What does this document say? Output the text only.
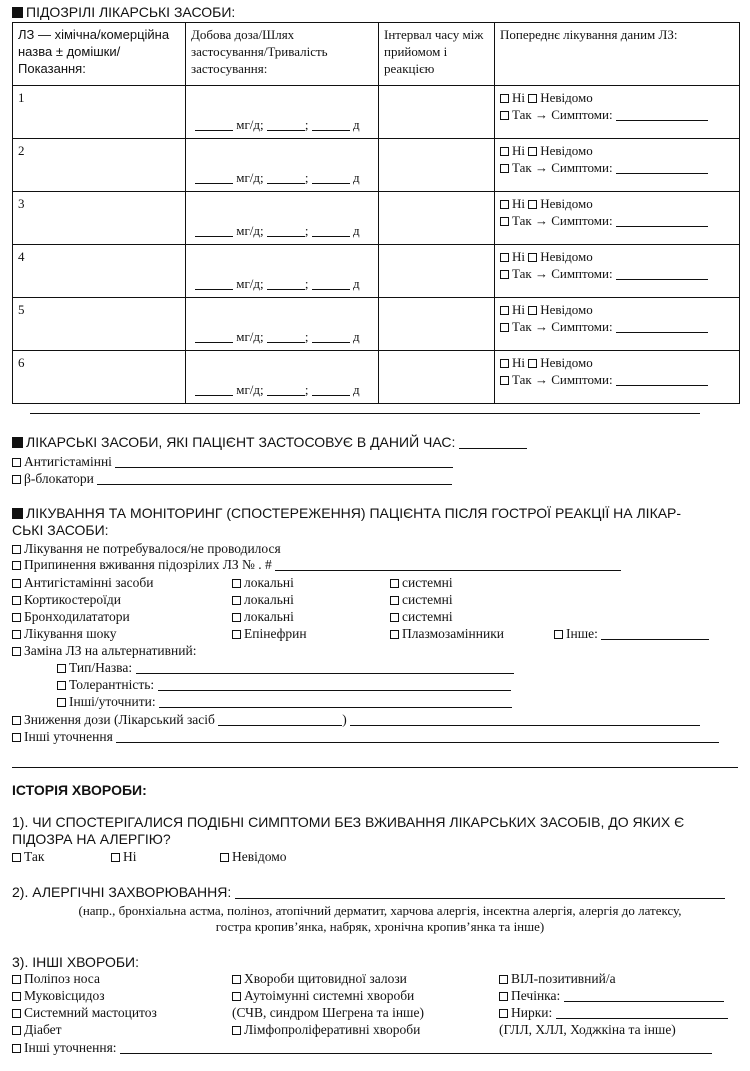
ПІДОЗРІЛІ ЛІКАРСЬКІ ЗАСОБИ:
ЛЗ — хімічна/комерційна назва ± домішки/Показання:	Добова доза/Шлях застосування/Тривалість застосування:	Інтервал часу між прийомом і реакцією	Попереднє лікування даним ЛЗ:
1	мг/д; ; д		Ні Невідомо
Так → Симптоми:

2	мг/д; ; д		Ні Невідомо
Так → Симптоми:

3	мг/д; ; д		Ні Невідомо
Так → Симптоми:

4	мг/д; ; д		Ні Невідомо
Так → Симптоми:

5	мг/д; ; д		Ні Невідомо
Так → Симптоми:

6	мг/д; ; д		Ні Невідомо
Так → Симптоми:
ЛІКАРСЬКІ ЗАСОБИ, ЯКІ ПАЦІЄНТ ЗАСТОСОВУЄ В ДАНИЙ ЧАС:
Антигістамінні
β-блокатори
ЛІКУВАННЯ ТА МОНІТОРИНГ (СПОСТЕРЕЖЕННЯ) ПАЦІЄНТА ПІСЛЯ ГОСТРОЇ РЕАКЦІЇ НА ЛІКАР-
СЬКІ ЗАСОБИ:
Лікування не потребувалося/не проводилося
Припинення вживання підозрілих ЛЗ № . #
Антигістамінні засоби	локальні	системні
Кортикостероїди	локальні	системні
Бронходилататори	локальні	системні
Лікування шоку	Епінефрин	Плазмозамінники	Інше:
Заміна ЛЗ на альтернативний:
Тип/Назва:
Толерантність:
Інші/уточнити:
Зниження дози (Лікарський засіб	)
Інші уточнення
ІСТОРІЯ ХВОРОБИ:
1). ЧИ СПОСТЕРІГАЛИСЯ ПОДІБНІ СИМПТОМИ БЕЗ ВЖИВАННЯ ЛІКАРСЬКИХ ЗАСОБІВ, ДО ЯКИХ Є
ПІДОЗРА НА АЛЕРГІЮ?
Так	Ні	Невідомо
2). АЛЕРГІЧНІ ЗАХВОРЮВАННЯ:
(напр., бронхіальна астма, поліноз, атопічний дерматит, харчова алергія, інсектна алергія, алергія до латексу,
гостра кропив’янка, набряк, хронічна кропив’янка та інше)
3). ІНШІ ХВОРОБИ:
Поліпоз носа
Муковісцидоз
Системний мастоцитоз
Діабет
Хвороби щитовидної залози
Аутоімунні системні хвороби
(СЧВ, синдром Шегрена та інше)
Лімфопроліферативні хвороби
ВІЛ-позитивний/а
Печінка:
Нирки:
(ГЛЛ, ХЛЛ, Ходжкіна та інше)
Інші уточнення:
